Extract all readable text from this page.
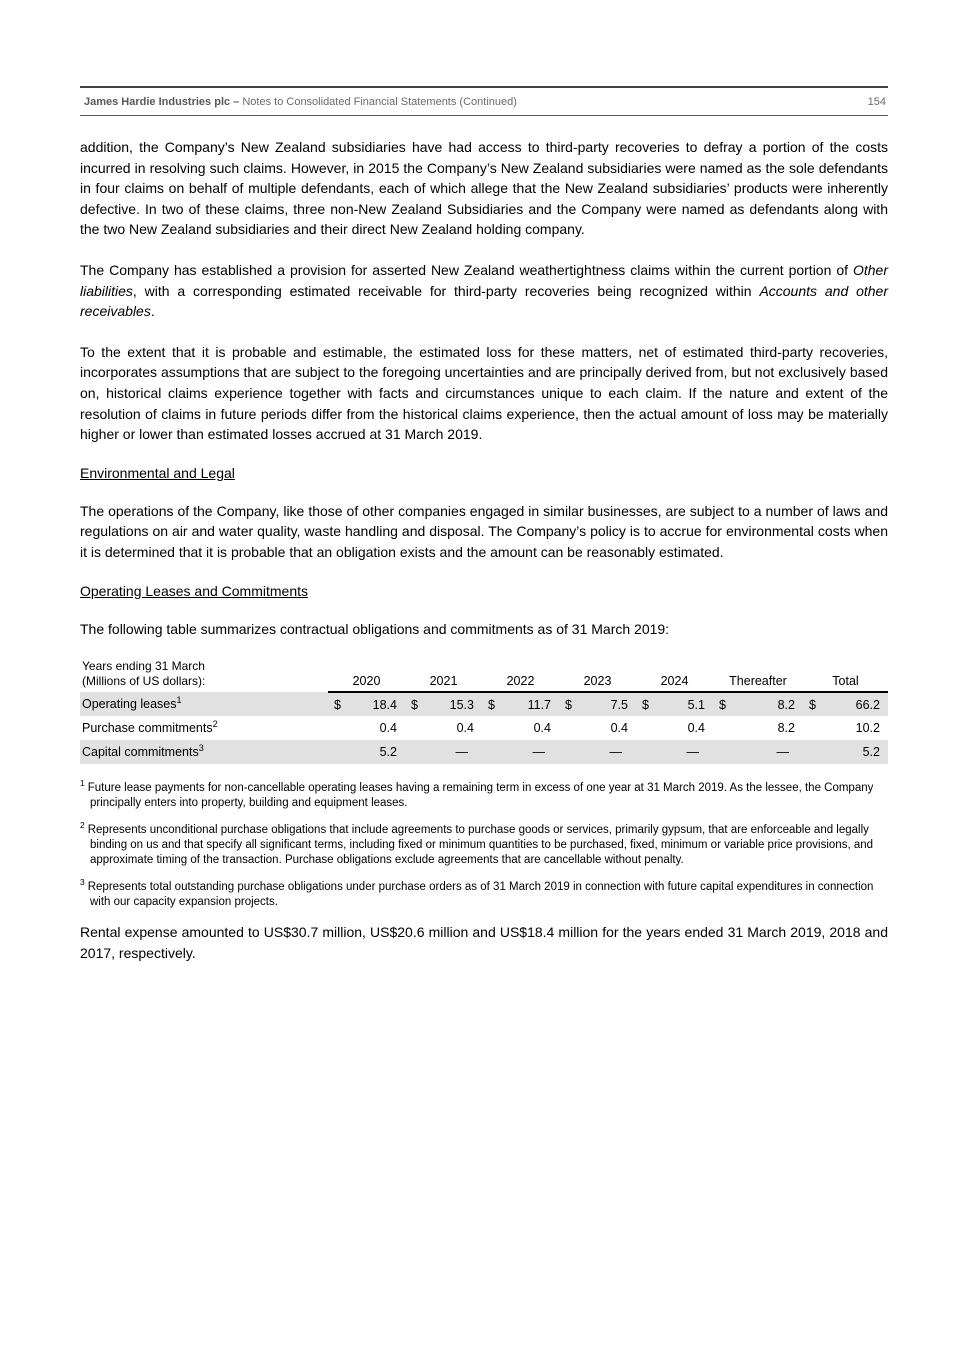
James Hardie Industries plc – Notes to Consolidated Financial Statements (Continued)	154

addition, the Company’s New Zealand subsidiaries have had access to third-party recoveries to defray a portion of the costs incurred in resolving such claims. However, in 2015 the Company’s New Zealand subsidiaries were named as the sole defendants in four claims on behalf of multiple defendants, each of which allege that the New Zealand subsidiaries’ products were inherently defective. In two of these claims, three non-New Zealand Subsidiaries and the Company were named as defendants along with the two New Zealand subsidiaries and their direct New Zealand holding company.

The Company has established a provision for asserted New Zealand weathertightness claims within the current portion of Other liabilities, with a corresponding estimated receivable for third-party recoveries being recognized within Accounts and other receivables.

To the extent that it is probable and estimable, the estimated loss for these matters, net of estimated third-party recoveries, incorporates assumptions that are subject to the foregoing uncertainties and are principally derived from, but not exclusively based on, historical claims experience together with facts and circumstances unique to each claim. If the nature and extent of the resolution of claims in future periods differ from the historical claims experience, then the actual amount of loss may be materially higher or lower than estimated losses accrued at 31 March 2019.

Environmental and Legal

The operations of the Company, like those of other companies engaged in similar businesses, are subject to a number of laws and regulations on air and water quality, waste handling and disposal. The Company’s policy is to accrue for environmental costs when it is determined that it is probable that an obligation exists and the amount can be reasonably estimated.

Operating Leases and Commitments

The following table summarizes contractual obligations and commitments as of 31 March 2019:

Years ending 31 March
(Millions of US dollars):	2020	2021	2022	2023	2024	Thereafter	Total
Operating leases$^1$	$ 18.4	$ 15.3	$ 11.7	$ 7.5	$ 5.1	$ 8.2	$ 66.2
Purchase commitments$^2$	0.4	0.4	0.4	0.4	0.4	8.2	10.2
Capital commitments$^3$	5.2	—	—	—	—	—	5.2
$^1$ Future lease payments for non-cancellable operating leases having a remaining term in excess of one year at 31 March 2019. As the lessee, the Company principally enters into property, building and equipment leases.
$^2$ Represents unconditional purchase obligations that include agreements to purchase goods or services, primarily gypsum, that are enforceable and legally binding on us and that specify all significant terms, including fixed or minimum quantities to be purchased, fixed, minimum or variable price provisions, and approximate timing of the transaction. Purchase obligations exclude agreements that are cancellable without penalty.
$^3$ Represents total outstanding purchase obligations under purchase orders as of 31 March 2019 in connection with future capital expenditures in connection with our capacity expansion projects.

Rental expense amounted to US$30.7 million, US$20.6 million and US$18.4 million for the years ended 31 March 2019, 2018 and 2017, respectively.
